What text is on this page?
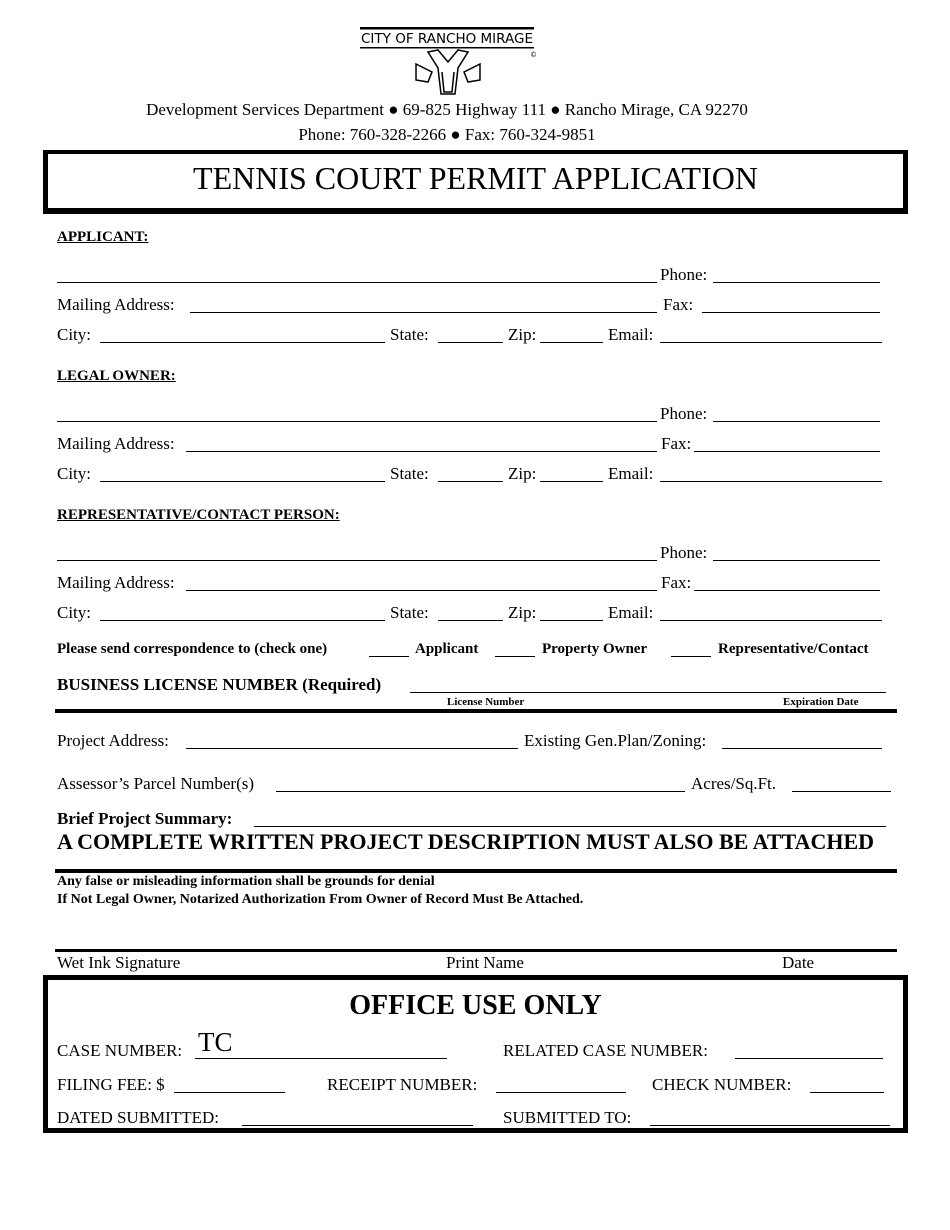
CITY OF RANCHO MIRAGE
©
Development Services Department ● 69-825 Highway 111 ● Rancho Mirage, CA 92270
Phone: 760-328-2266 ● Fax: 760-324-9851
TENNIS COURT PERMIT APPLICATION
APPLICANT:
Phone:
Mailing Address:	Fax:
City:	State:	Zip:	Email:
LEGAL OWNER:
Phone:
Mailing Address:	Fax:
City:	State:	Zip:	Email:
REPRESENTATIVE/CONTACT PERSON:
Phone:
Mailing Address:	Fax:
City:	State:	Zip:	Email:
Please send correspondence to (check one)	Applicant	Property Owner	Representative/Contact
BUSINESS LICENSE NUMBER (Required)
License Number	Expiration Date
Project Address:	Existing Gen.Plan/Zoning:
Assessor’s Parcel Number(s)	Acres/Sq.Ft.
Brief Project Summary:
A COMPLETE WRITTEN PROJECT DESCRIPTION MUST ALSO BE ATTACHED
Any false or misleading information shall be grounds for denial
If Not Legal Owner, Notarized Authorization From Owner of Record Must Be Attached.
Wet Ink Signature	Print Name	Date
OFFICE USE ONLY
CASE NUMBER: TC	RELATED CASE NUMBER:
FILING FEE: $	RECEIPT NUMBER:	CHECK NUMBER:
DATED SUBMITTED:	SUBMITTED TO:
